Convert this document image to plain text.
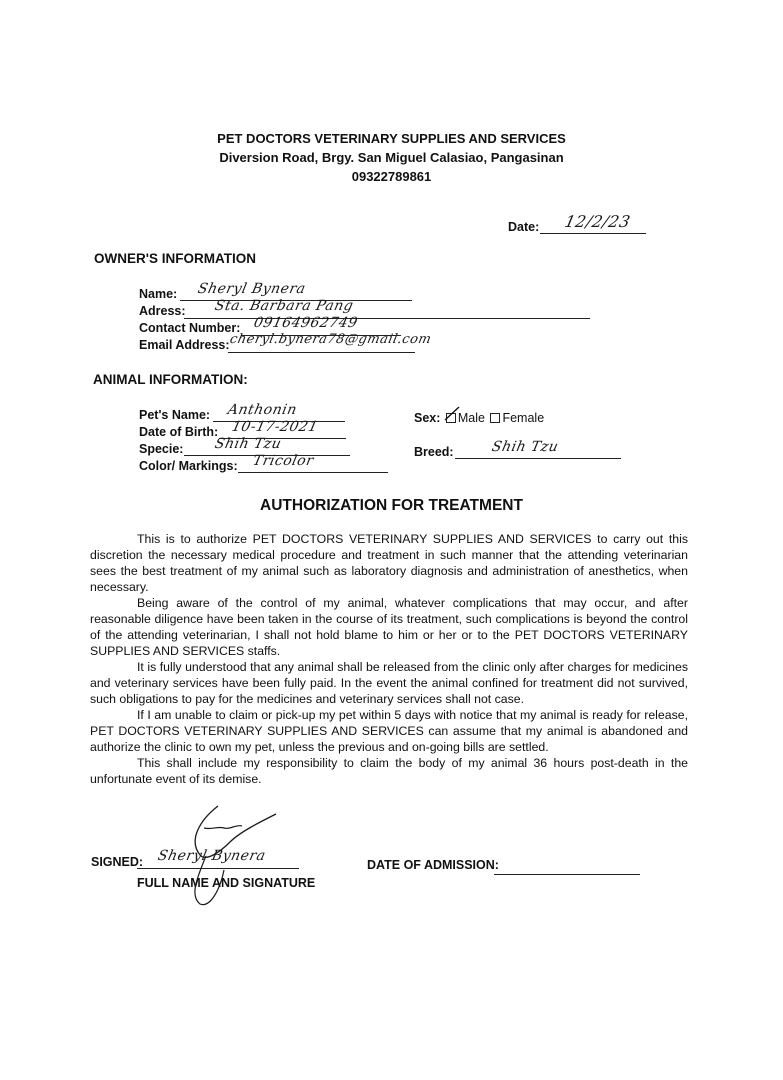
PET DOCTORS VETERINARY SUPPLIES AND SERVICES
Diversion Road, Brgy. San Miguel Calasiao, Pangasinan
09322789861
Date: 12/2/23
OWNER'S INFORMATION
Name: Sheryl Bynera
Adress: Sta. Barbara Pang
Contact Number: 09164962749
Email Address:
cheryl.bynera78@gmail.com
ANIMAL INFORMATION:
Pet's Name: Anthonin
Date of Birth: 10-17-2021
Specie: Shih Tzu
Color/ Markings: Tricolor
Sex: Male Female
Breed:	Shih Tzu
AUTHORIZATION FOR TREATMENT

This is to authorize PET DOCTORS VETERINARY SUPPLIES AND SERVICES to carry out this discretion the necessary medical procedure and treatment in such manner that the attending veterinarian sees the best treatment of my animal such as laboratory diagnosis and administration of anesthetics, when necessary.

Being aware of the control of my animal, whatever complications that may occur, and after reasonable diligence have been taken in the course of its treatment, such complications is beyond the control of the attending veterinarian, I shall not hold blame to him or her or to the PET DOCTORS VETERINARY SUPPLIES AND SERVICES staffs.

It is fully understood that any animal shall be released from the clinic only after charges for medicines and veterinary services have been fully paid. In the event the animal confined for treatment did not survived, such obligations to pay for the medicines and veterinary services shall not case.

If I am unable to claim or pick-up my pet within 5 days with notice that my animal is ready for release, PET DOCTORS VETERINARY SUPPLIES AND SERVICES can assume that my animal is abandoned and authorize the clinic to own my pet, unless the previous and on-going bills are settled.

This shall include my responsibility to claim the body of my animal 36 hours post-death in the unfortunate event of its demise.

SIGNED: Sheryl Bynera
FULL NAME AND SIGNATURE
DATE OF ADMISSION:
